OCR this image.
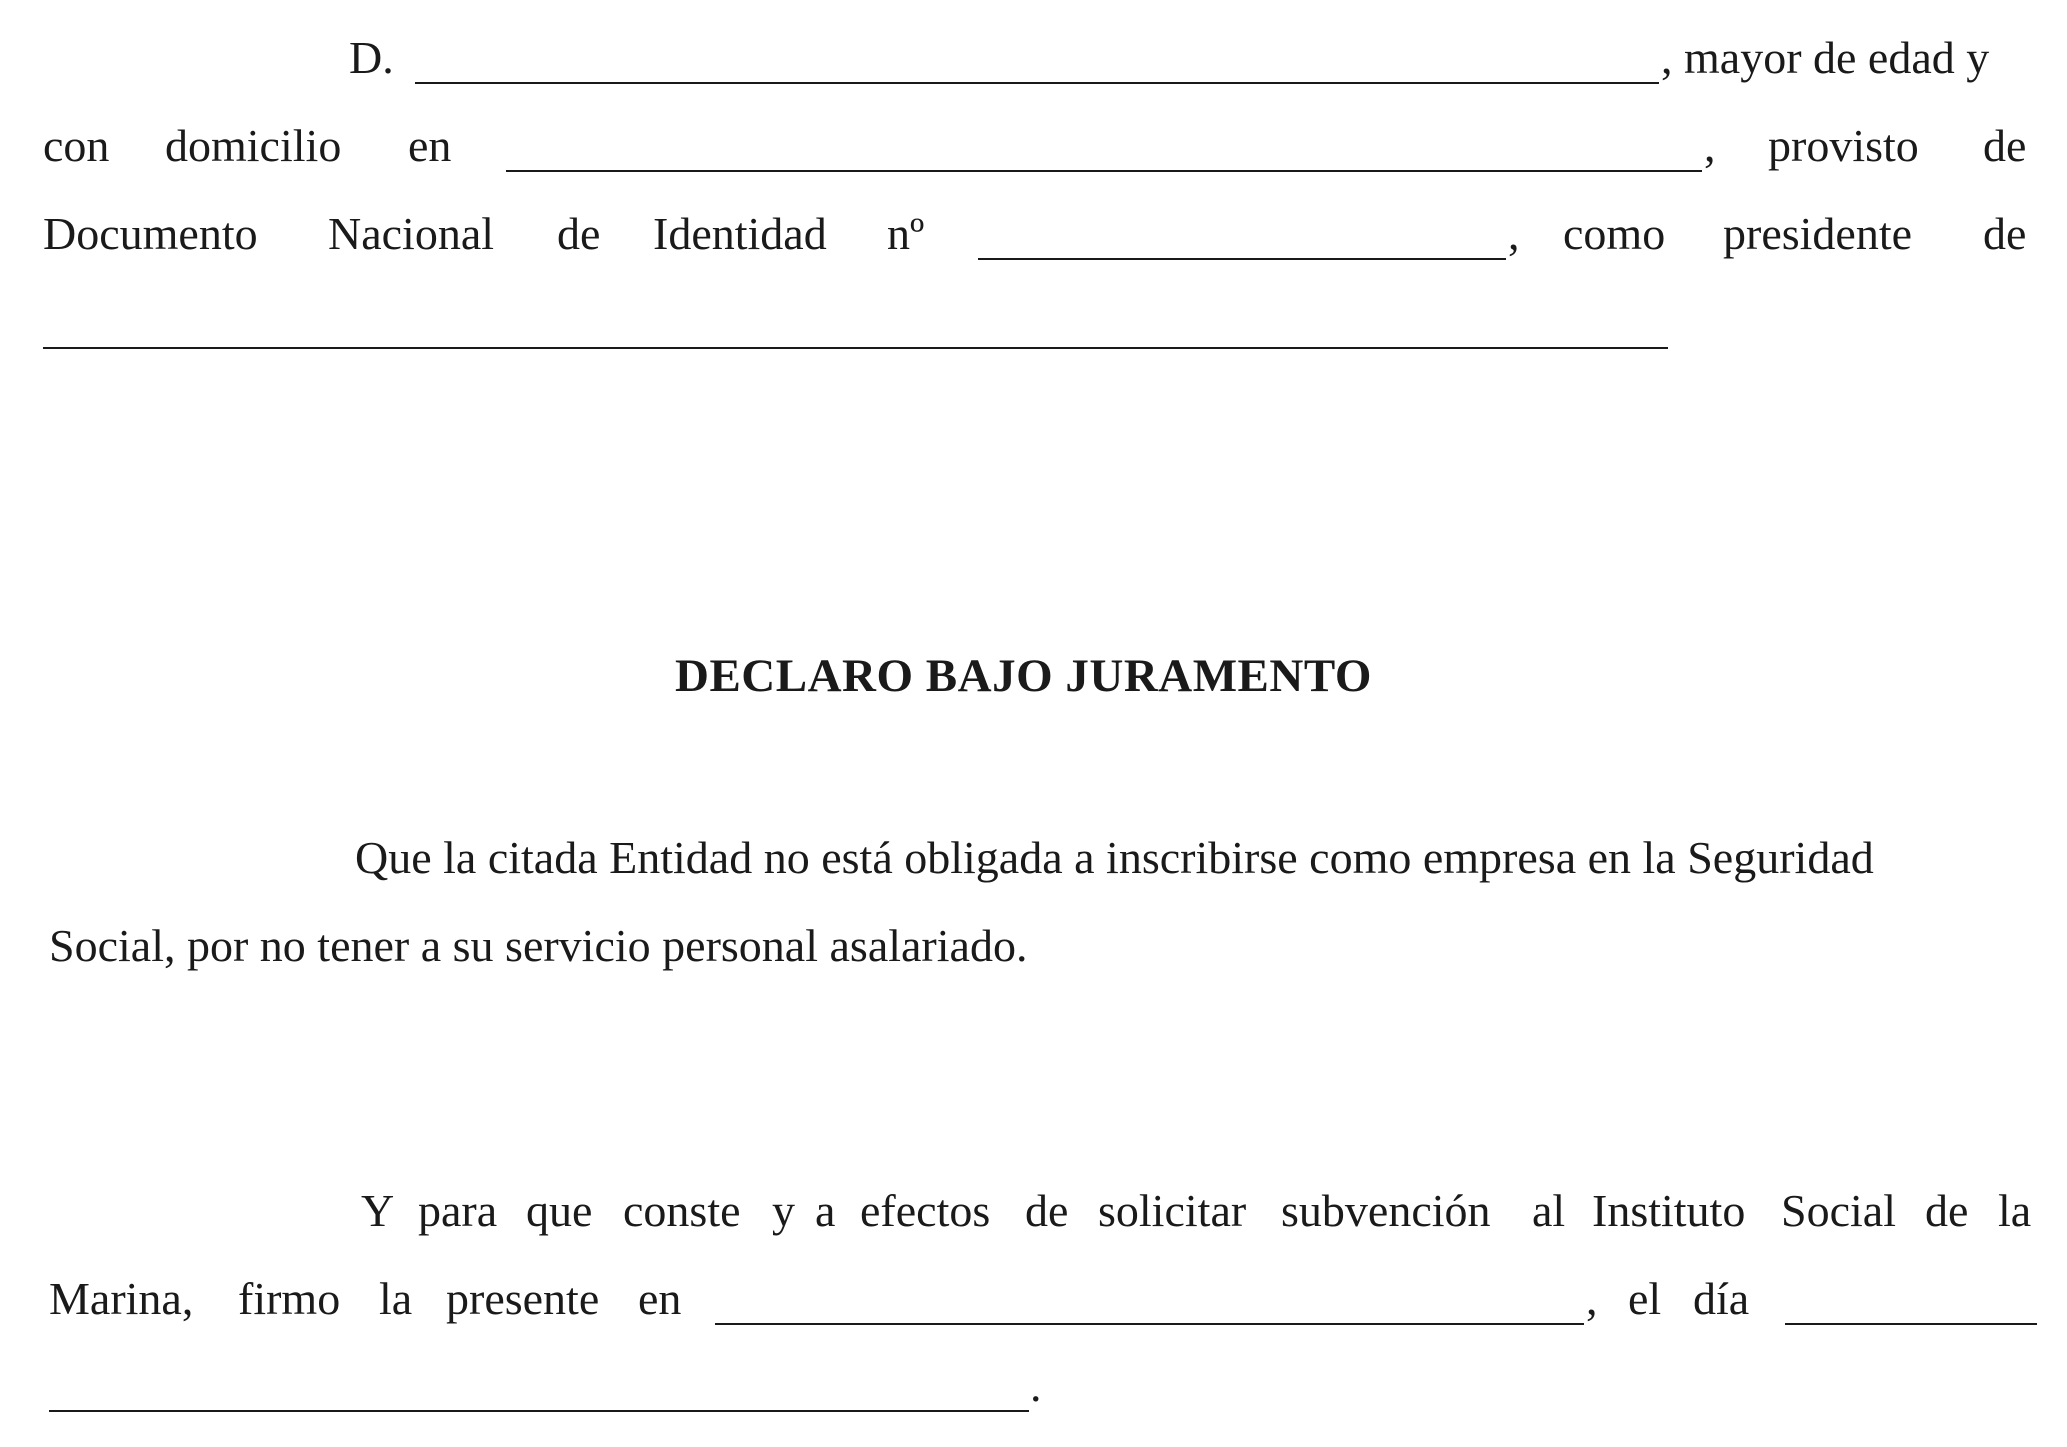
D.	, mayor de edad y
con domicilio en	, provisto de
Documento Nacional de Identidad nº	, como presidente de
DECLARO BAJO JURAMENTO
Que la citada Entidad no está obligada a inscribirse como empresa en la Seguridad
Social, por no tener a su servicio personal asalariado.
Y para que conste y a efectos de solicitar subvención al Instituto Social de la
Marina, firmo la presente en	, el día
.
